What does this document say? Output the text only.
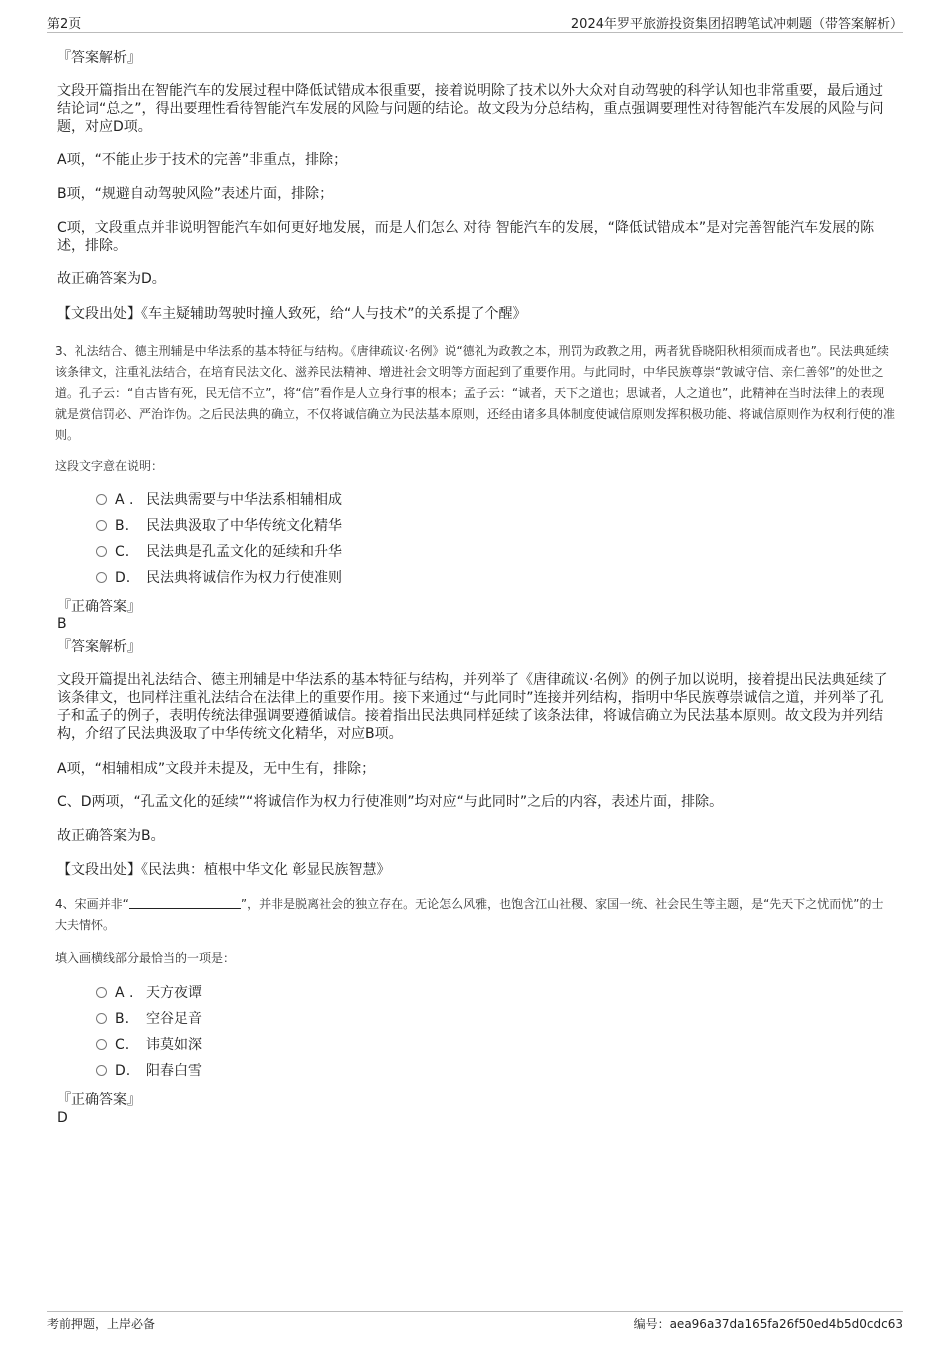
第2页	2024年罗平旅游投资集团招聘笔试冲刺题（带答案解析）
『答案解析』
文段开篇指出在智能汽车的发展过程中降低试错成本很重要，接着说明除了技术以外大众对自动驾驶的科学认知也非常重要，最后通过结论词“总之”，得出要理性看待智能汽车发展的风险与问题的结论。故文段为分总结构，重点强调要理性对待智能汽车发展的风险与问题，对应D项。
A项，“不能止步于技术的完善”非重点，排除；
B项，“规避自动驾驶风险”表述片面，排除；
C项，文段重点并非说明智能汽车如何更好地发展，而是人们怎么 对待 智能汽车的发展，“降低试错成本”是对完善智能汽车发展的陈述，排除。
故正确答案为D。
【文段出处】《车主疑辅助驾驶时撞人致死，给“人与技术”的关系提了个醒》
3、礼法结合、德主刑辅是中华法系的基本特征与结构。《唐律疏议·名例》说“德礼为政教之本，刑罚为政教之用，两者犹昏晓阳秋相须而成者也”。民法典延续该条律文，注重礼法结合，在培育民法文化、滋养民法精神、增进社会文明等方面起到了重要作用。与此同时，中华民族尊崇“敦诚守信、亲仁善邻”的处世之道。孔子云：“自古皆有死，民无信不立”，将“信”看作是人立身行事的根本；孟子云：“诚者，天下之道也；思诚者，人之道也”，此精神在当时法律上的表现就是赏信罚必、严治诈伪。之后民法典的确立，不仅将诚信确立为民法基本原则，还经由诸多具体制度使诚信原则发挥积极功能、将诚信原则作为权利行使的准则。
这段文字意在说明：
A . 民法典需要与中华法系相辅相成
B. 民法典汲取了中华传统文化精华
C. 民法典是孔孟文化的延续和升华
D. 民法典将诚信作为权力行使准则
『正确答案』
B
『答案解析』
文段开篇提出礼法结合、德主刑辅是中华法系的基本特征与结构，并列举了《唐律疏议·名例》的例子加以说明，接着提出民法典延续了该条律文，也同样注重礼法结合在法律上的重要作用。接下来通过“与此同时”连接并列结构，指明中华民族尊崇诚信之道，并列举了孔子和孟子的例子，表明传统法律强调要遵循诚信。接着指出民法典同样延续了该条法律，将诚信确立为民法基本原则。故文段为并列结构，介绍了民法典汲取了中华传统文化精华，对应B项。
A项，“相辅相成”文段并未提及，无中生有，排除；
C、D两项，“孔孟文化的延续”“将诚信作为权力行使准则”均对应“与此同时”之后的内容，表述片面，排除。
故正确答案为B。
【文段出处】《民法典：植根中华文化 彰显民族智慧》
4、宋画并非“	”，并非是脱离社会的独立存在。无论怎么风雅，也饱含江山社稷、家国一统、社会民生等主题，是“先天下之忧而忧”的士大夫情怀。
填入画横线部分最恰当的一项是：
A . 天方夜谭
B. 空谷足音
C. 讳莫如深
D. 阳春白雪
『正确答案』
D
考前押题，上岸必备	编号：aea96a37da165fa26f50ed4b5d0cdc63
